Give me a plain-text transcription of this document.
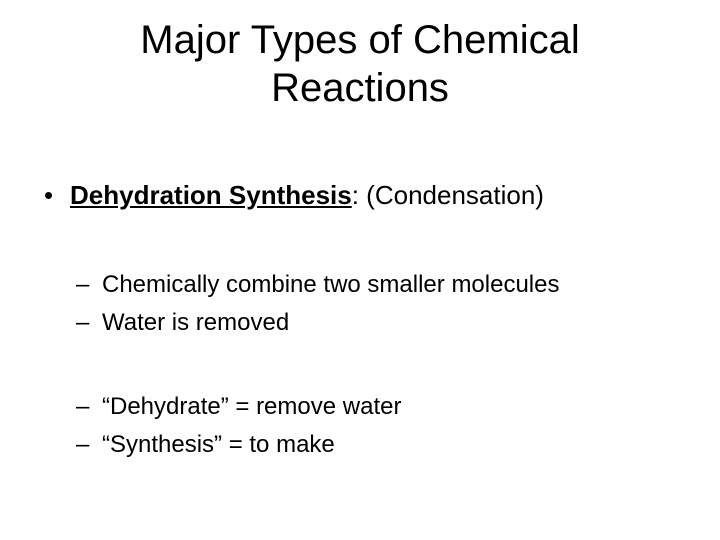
Major Types of Chemical
Reactions
• Dehydration Synthesis: (Condensation)
– Chemically combine two smaller molecules
– Water is removed
– “Dehydrate” = remove water
– “Synthesis” = to make
